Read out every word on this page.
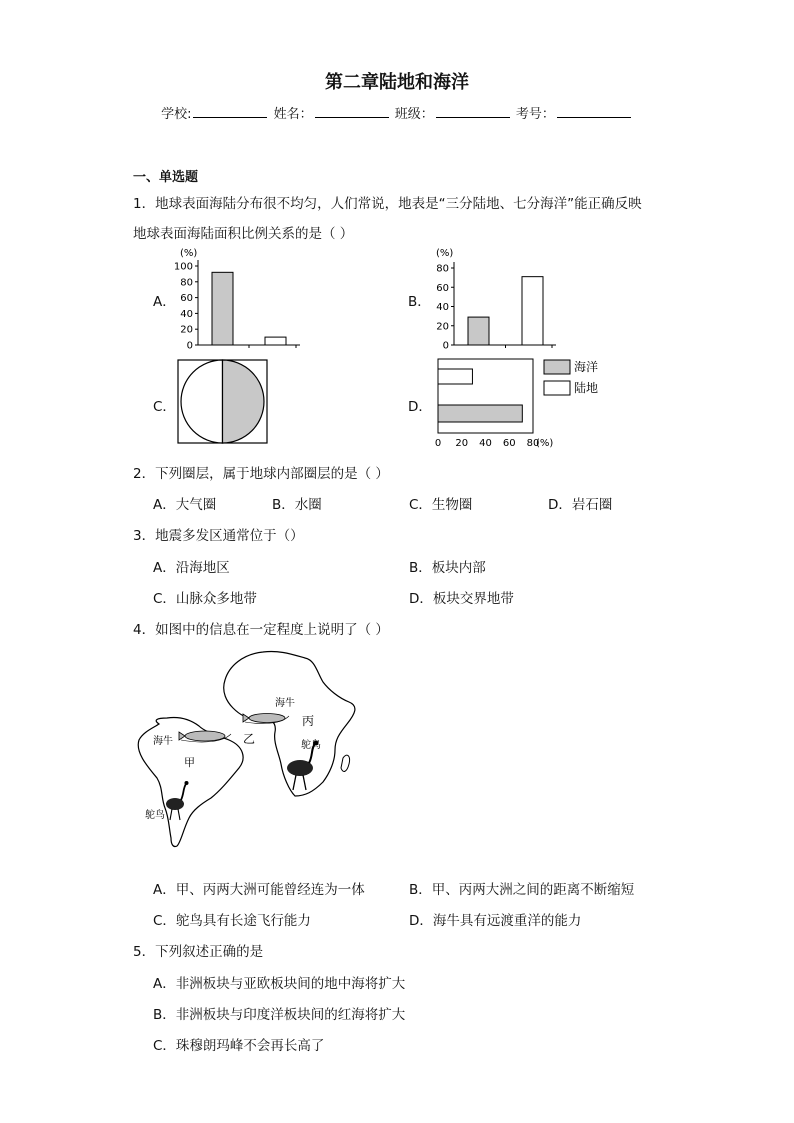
第二章陆地和海洋
学校:	姓名：	班级：	考号：
一、单选题
1．地球表面海陆分布很不均匀，人们常说，地表是“三分陆地、七分海洋”能正确反映
地球表面海陆面积比例关系的是（ ）
A．	B．
C．	D．
(%)
0
20
40
60
80
100
(%)
0
20
40
60
80
0 20 40 60 80
(%)
海洋
陆地
2．下列圈层，属于地球内部圈层的是（ ）
A．大气圈	B．水圈	C．生物圈	D．岩石圈
3．地震多发区通常位于（）
A．沿海地区	B．板块内部
C．山脉众多地带	D．板块交界地带
4．如图中的信息在一定程度上说明了（ ）
海牛
甲
鸵鸟
海牛
乙
丙
鸵鸟
A．甲、丙两大洲可能曾经连为一体	B．甲、丙两大洲之间的距离不断缩短
C．鸵鸟具有长途飞行能力	D．海牛具有远渡重洋的能力
5．下列叙述正确的是
A．非洲板块与亚欧板块间的地中海将扩大
B．非洲板块与印度洋板块间的红海将扩大
C．珠穆朗玛峰不会再长高了
